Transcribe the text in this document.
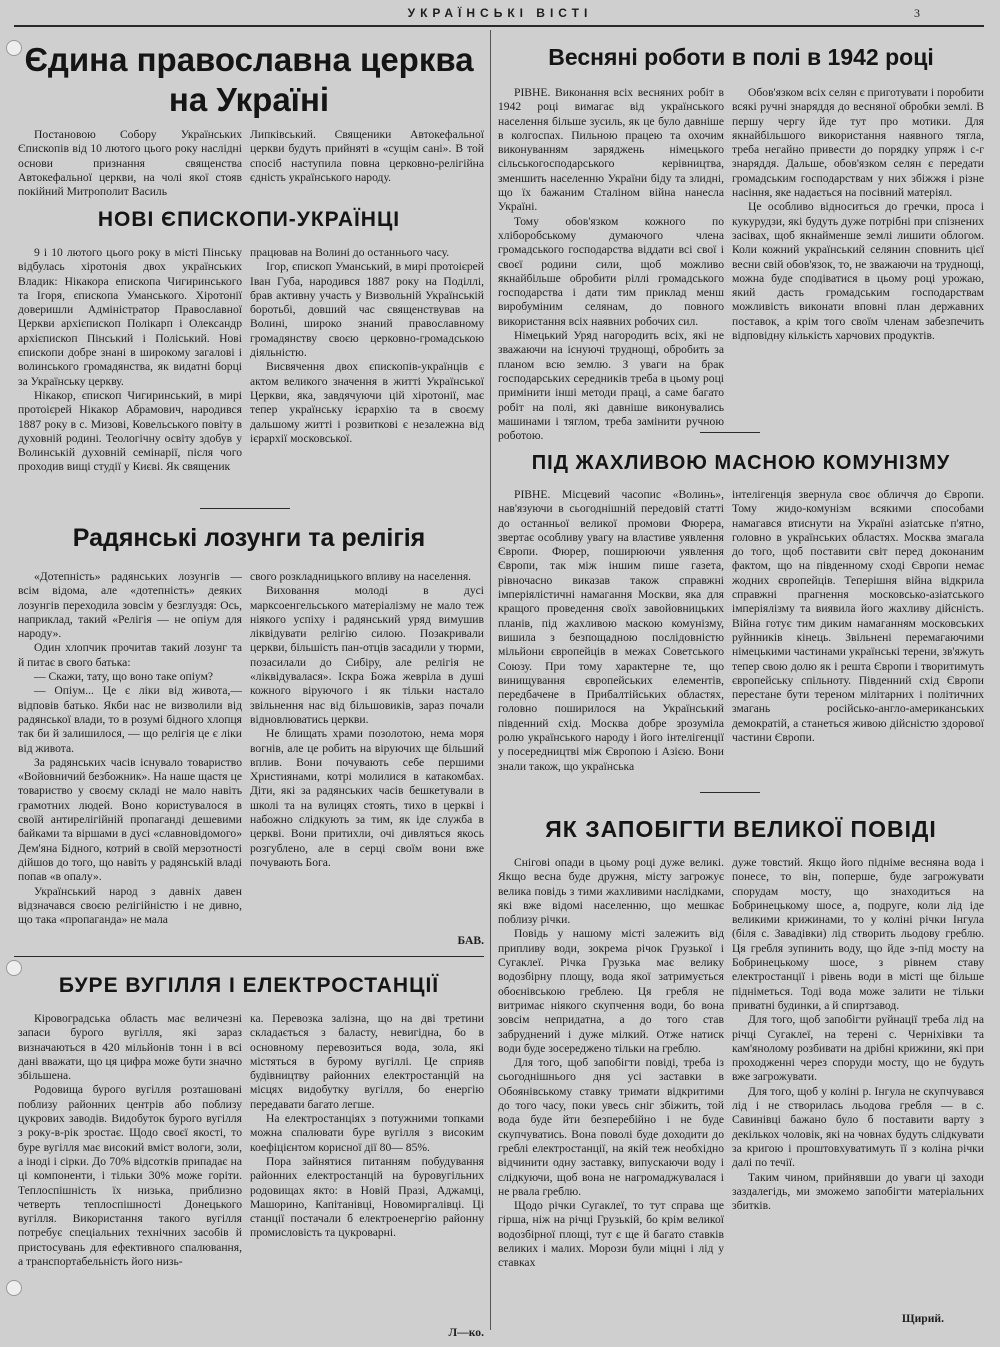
УКРАЇНСЬКІ ВІСТІ	3
Єдина православна церква на Україні

Постановою Собору Українських Єпископів від 10 лютого цього року наслідні основи признання священства Автокефальної церкви, на чолі якої стояв покійний Митрополит Василь

Липківський. Священики Автокефальної церкви будуть прийняті в «сущім сані». В той спосіб наступила повна церковно-релігійна єдність українського народу.

НОВІ ЄПИСКОПИ-УКРАЇНЦІ

9 і 10 лютого цього року в місті Пінську відбулась хіротонія двох українських Владик: Нікакора епископа Чигиринського та Ігоря, єпископа Уманського. Хіротонії доверишли Адміністратор Православної Церкви архієпископ Полікарп і Олександр архієпископ Пінський і Поліський. Нові єпископи добре знані в широкому загалові і волинського громадянства, як видатні борці за Українську церкву.

Нікакор, єпископ Чигиринський, в мирі протоієрей Нікакор Абрамович, народився 1887 року в с. Мизові, Ковельського повіту в духовній родині. Теологічну освіту здобув у Волинській духовній семінарії, після чого проходив вищі студії у Києві. Як священик

працював на Волині до останнього часу.

Ігор, єпископ Уманський, в мирі протоієрей Іван Губа, народився 1887 року на Поділлі, брав активну участь у Визвольній Українській боротьбі, довший час священствував на Волині, широко знаний православному громадянству своєю церковно-громадською діяльністю.

Висвячення двох єпископів-українців є актом великого значення в житті Української Церкви, яка, завдячуючи цій хіротонії, має тепер українську ієрархію та в своєму дальшому житті і розвиткові є незалежна від ієрархії московської.

Радянські лозунги та релігія

«Дотепність» радянських лозунгів — всім відома, але «дотепність» деяких лозунгів переходила зовсім у безглуздя: Ось, наприклад, такий «Релігія — не опіум для народу».

Один хлопчик прочитав такий лозунг та й питає в свого батька:

— Скажи, тату, що воно таке опіум?

— Опіум... Це є ліки від живота,— відповів батько. Якби нас не визволили від радянської влади, то в розумі бідного хлопця так би й залишилося, — що релігія це є ліки від живота.

За радянських часів існувало товариство «Войовничий безбожник». На наше щастя це товариство у своєму складі не мало навіть грамотних людей. Воно користувалося в своїй антирелігійній пропаганді дешевими байками та віршами в дусі «славновідомого» Дем'яна Бідного, котрий в своїй мерзотності дійшов до того, що навіть у радянській владі попав «в опалу».

Український народ з давніх давен відзначався своєю релігійністю і не дивно, що така «пропаганда» не мала

свого розкладницького впливу на населення.

Виховання молоді в дусі марксоенгельського матеріалізму не мало теж ніякого успіху і радянський уряд вимушив ліквідувати релігію силою. Позакривали церкви, більшість пан-отців засадили у тюрми, позасилали до Сибіру, але релігія не «ліквідувалася». Іскра Божа жевріла в душі кожного віруючого і як тільки настало звільнення нас від більшовиків, зараз почали відновлюватись церкви.

Не блищать храми позолотою, нема моря вогнів, але це робить на віруючих ще більший вплив. Вони почувають себе першими Християнами, котрі молилися в катакомбах. Діти, які за радянських часів бешкетували в школі та на вулицях стоять, тихо в церкві і набожно слідкують за тим, як іде служба в церкві. Вони притихли, очі дивляться якось розгублено, але в серці своїм вони вже почувають Бога.

БАВ.
БУРЕ ВУГІЛЛЯ І ЕЛЕКТРОСТАНЦІЇ

Кіровоградська область має величезні запаси бурого вугілля, які зараз визначаються в 420 мільйонів тонн і в всі дані вважати, що ця цифра може бути значно збільшена.

Родовища бурого вугілля розташовані поблизу районних центрів або поблизу цукрових заводів. Видобуток бурого вугілля з року-в-рік зростає. Щодо своєї якості, то буре вугілля має високий вміст вологи, золи, а іноді і сірки. До 70% відсотків припадає на ці компоненти, і тільки 30% може горіти. Теплоспішність їх низька, приблизно четверть теплоспішності Донецького вугілля. Використання такого вугілля потребує спеціальних технічних засобів й пристосувань для ефективного спалювання, а транспортабельність його низь-

ка. Перевозка залізна, що на дві третини складається з баласту, невигідна, бо в основному перевозиться вода, зола, які містяться в бурому вугіллі. Це сприяв будівництву районних електростанцій на місцях видобутку вугілля, бо енергію передавати багато легше.

На електростанціях з потужними топками можна спалювати буре вугілля з високим коефіцієнтом корисної дії 80— 85%.

Пора зайнятися питанням побудування районних електростанцій на буровугільних родовищах якто: в Новій Празі, Аджамці, Машорино, Капітанівці, Новомиргалівці. Ці станції постачали б електроенергію районну промисловість та цукроварні.

Л—ко.
Весняні роботи в полі в 1942 році

РІВНЕ. Виконання всіх весняних робіт в 1942 році вимагає від українського населення більше зусиль, як це було давніше в колгоспах. Пильною працею та охочим виконуванням заряджень німецького сільськогосподарського керівництва, зменшить населенню України біду та злидні, що їх бажаним Сталіном війна нанесла Україні.

Тому обов'язком кожного по хліборобському думаючого члена громадського господарства віддати всі свої і своєї родини сили, щоб можливо якнайбільше обробити ріллі громадського господарства і дати тим приклад менш виробуміним селянам, до повного використання всіх наявних робочих сил.

Німецький Уряд нагородить всіх, які не зважаючи на існуючі труднощі, обробить за планом всю землю. З уваги на брак господарських середників треба в цьому році примінити інші методи праці, а саме багато робіт на полі, які давніше виконувались машинами і тяглом, треба замінити ручною роботою.

Обов'язком всіх селян є приготувати і поробити всякі ручні знаряддя до весняної обробки землі. В першу чергу йде тут про мотики. Для якнайбільшого використання наявного тягла, треба негайно привести до порядку упряж і с-г знаряддя. Дальше, обов'язком селян є передати громадським господарствам у них збіжжя і різне насіння, яке надається на посівний матеріял.

Це особливо відноситься до гречки, проса і кукурудзи, які будуть дуже потрібні при спізнених засівах, щоб якнайменше землі лишити облогом. Коли кожний український селянин сповнить цієї весни свій обов'язок, то, не зважаючи на труднощі, можна буде сподіватися в цьому році урожаю, який дасть громадським господарствам можливість виконати вповні план державних поставок, а крім того своїм членам забезпечить відповідну кількість харчових продуктів.

ПІД ЖАХЛИВОЮ МАСНОЮ КОМУНІЗМУ

РІВНЕ. Місцевий часопис «Волинь», нав'язуючи в сьогоднішній передовій статті до останньої великої промови Фюрера, звертає особливу увагу на властиве уявлення Європи. Фюрер, поширюючи уявлення Європи, так між іншим пише газета, рівночасно виказав також справжні імперіялістичні намагання Москви, яка для кращого проведення своїх завойовницьких планів, під жахливою маскою комунізму, вишила з безпощадною послідовністю мільйони європейців в межах Советського Союзу. При тому характерне те, що винищування європейських елементів, передбачене в Прибалтійських областях, головно поширилося на Український південний схід. Москва добре зрозуміла ролю українського народу і його інтелігенції у посередництві між Європою і Азією. Вони знали також, що українська

інтелігенція звернула своє обличчя до Європи. Тому жидо-комунізм всякими способами намагався втиснути на Україні азіатське п'ятно, головно в українських областях. Москва змагала до того, щоб поставити світ перед доконаним фактом, що на південному сході Європи немає жодних європейців. Теперішня війна відкрила справжні прагнення московсько-азіатського імперіялізму та виявила його жахливу дійсність. Війна готує тим диким намаганням московських руйнників кінець. Звільнені перемагаючими німецькими частинами українські терени, зв'яжуть тепер свою долю як і решта Європи і творитимуть європейську спільноту. Південний схід Європи перестане бути тереном мілітарних і політичних змагань російсько-англо-американських демократій, а станеться живою дійсністю здорової частини Європи.

ЯК ЗАПОБІГТИ ВЕЛИКОЇ ПОВІДІ

Снігові опади в цьому році дуже великі. Якщо весна буде дружня, місту загрожує велика повідь з тими жахливими наслідками, які вже відомі населенню, що мешкає поблизу річки.

Повідь у нашому місті залежить від припливу води, зокрема річок Грузької і Сугаклеї. Річка Грузька має велику водозбірну площу, вода якої затримується обоєнівською греблею. Ця гребля не витримає ніякого скупчення води, бо вона зовсім непридатна, а до того став забруднений і дуже мілкий. Отже натиск води буде зосереджено тільки на греблю.

Для того, щоб запобігти повіді, треба із сьогоднішнього дня усі заставки в Обоянівському ставку тримати відкритими до того часу, поки увесь сніг збіжить, той вода буде йти безперебійно і не буде скупчуватись. Вона поволі буде доходити до греблі електростанції, на якій теж необхідно відчинити одну заставку, випускаючи воду і слідкуючи, щоб вона не нагромаджувалася і не рвала греблю.

Щодо річки Сугаклеї, то тут справа ще гірша, ніж на річці Грузькій, бо крім великої водозбірної площі, тут є ще й багато ставків великих і малих. Морози були міцні і лід у ставках

дуже товстий. Якщо його підніме весняна вода і понесе, то він, поперше, буде загрожувати спорудам мосту, що знаходиться на Бобринецькому шосе, а, подруге, коли лід іде великими крижинами, то у коліні річки Інгула (біля с. Завадівки) лід створить льодову греблю. Ця гребля зупинить воду, що йде з-під мосту на Бобринецькому шосе, з рівнем ставу електростанції і рівень води в місті ще більше підніметься. Тоді вода може залити не тільки приватні будинки, а й спиртзавод.

Для того, щоб запобігти руйнації треба лід на річці Сугаклеї, на терені с. Черніхівки та кам'янолому розбивати на дрібні крижини, які при проходженні через споруди мосту, що не будуть вже загрожувати.

Для того, щоб у коліні р. Інгула не скупчувався лід і не створилась льодова гребля — в с. Савинівці бажано було б поставити варту з декількох чоловік, які на човнах будуть слідкувати за кригою і проштовхуватимуть її з коліна річки далі по течії.

Таким чином, прийнявши до уваги ці заходи заздалегідь, ми зможемо запобігти матеріальних збитків.

Щирий.
